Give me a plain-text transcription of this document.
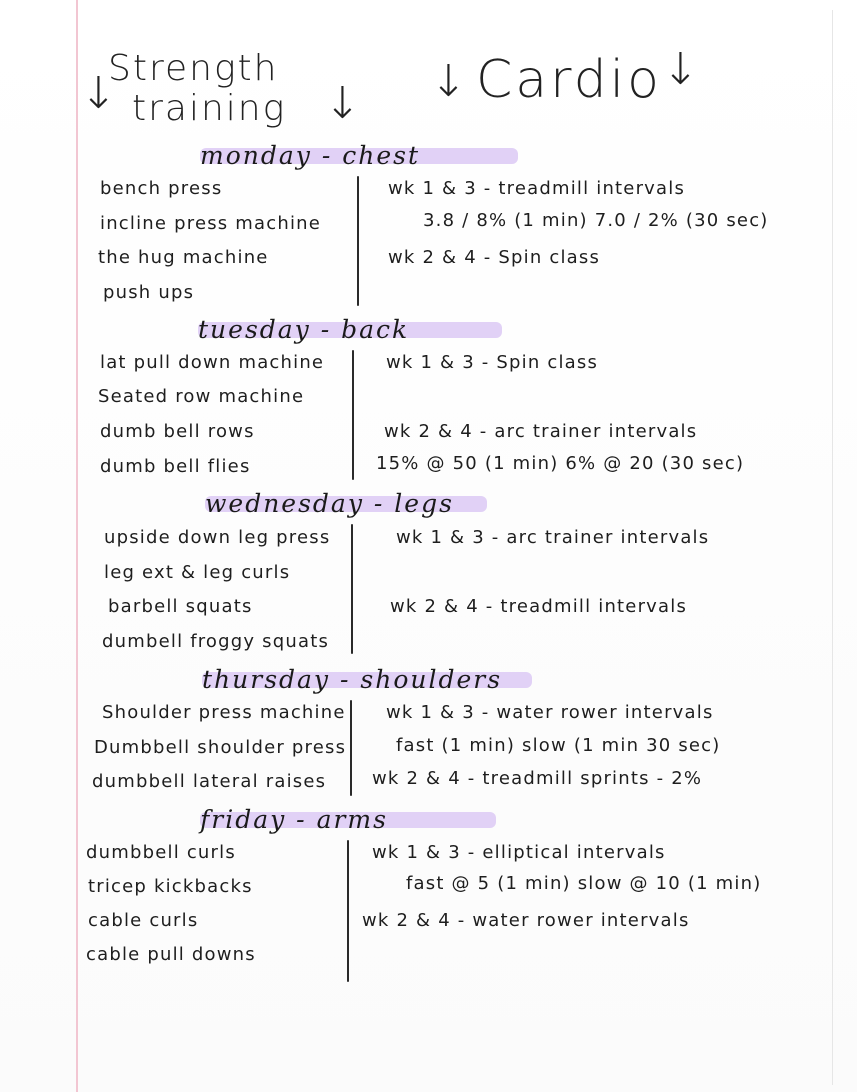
↓
Strength
training ↓ ↓ Cardio ↓
monday - chest
bench press
incline press machine
the hug machine
push ups
wk 1 & 3 - treadmill intervals
3.8 / 8% (1 min) 7.0 / 2% (30 sec)
wk 2 & 4 - Spin class
tuesday - back
lat pull down machine
Seated row machine
dumb bell rows
dumb bell flies
wk 1 & 3 - Spin class
wk 2 & 4 - arc trainer intervals
15% @ 50 (1 min) 6% @ 20 (30 sec)
wednesday - legs
upside down leg press
leg ext & leg curls
barbell squats
dumbell froggy squats
wk 1 & 3 - arc trainer intervals
wk 2 & 4 - treadmill intervals
thursday - shoulders
Shoulder press machine
Dumbbell shoulder press
dumbbell lateral raises
wk 1 & 3 - water rower intervals
fast (1 min) slow (1 min 30 sec)
wk 2 & 4 - treadmill sprints - 2%
friday - arms
dumbbell curls
tricep kickbacks
cable curls
cable pull downs
wk 1 & 3 - elliptical intervals
fast @ 5 (1 min) slow @ 10 (1 min)
wk 2 & 4 - water rower intervals
